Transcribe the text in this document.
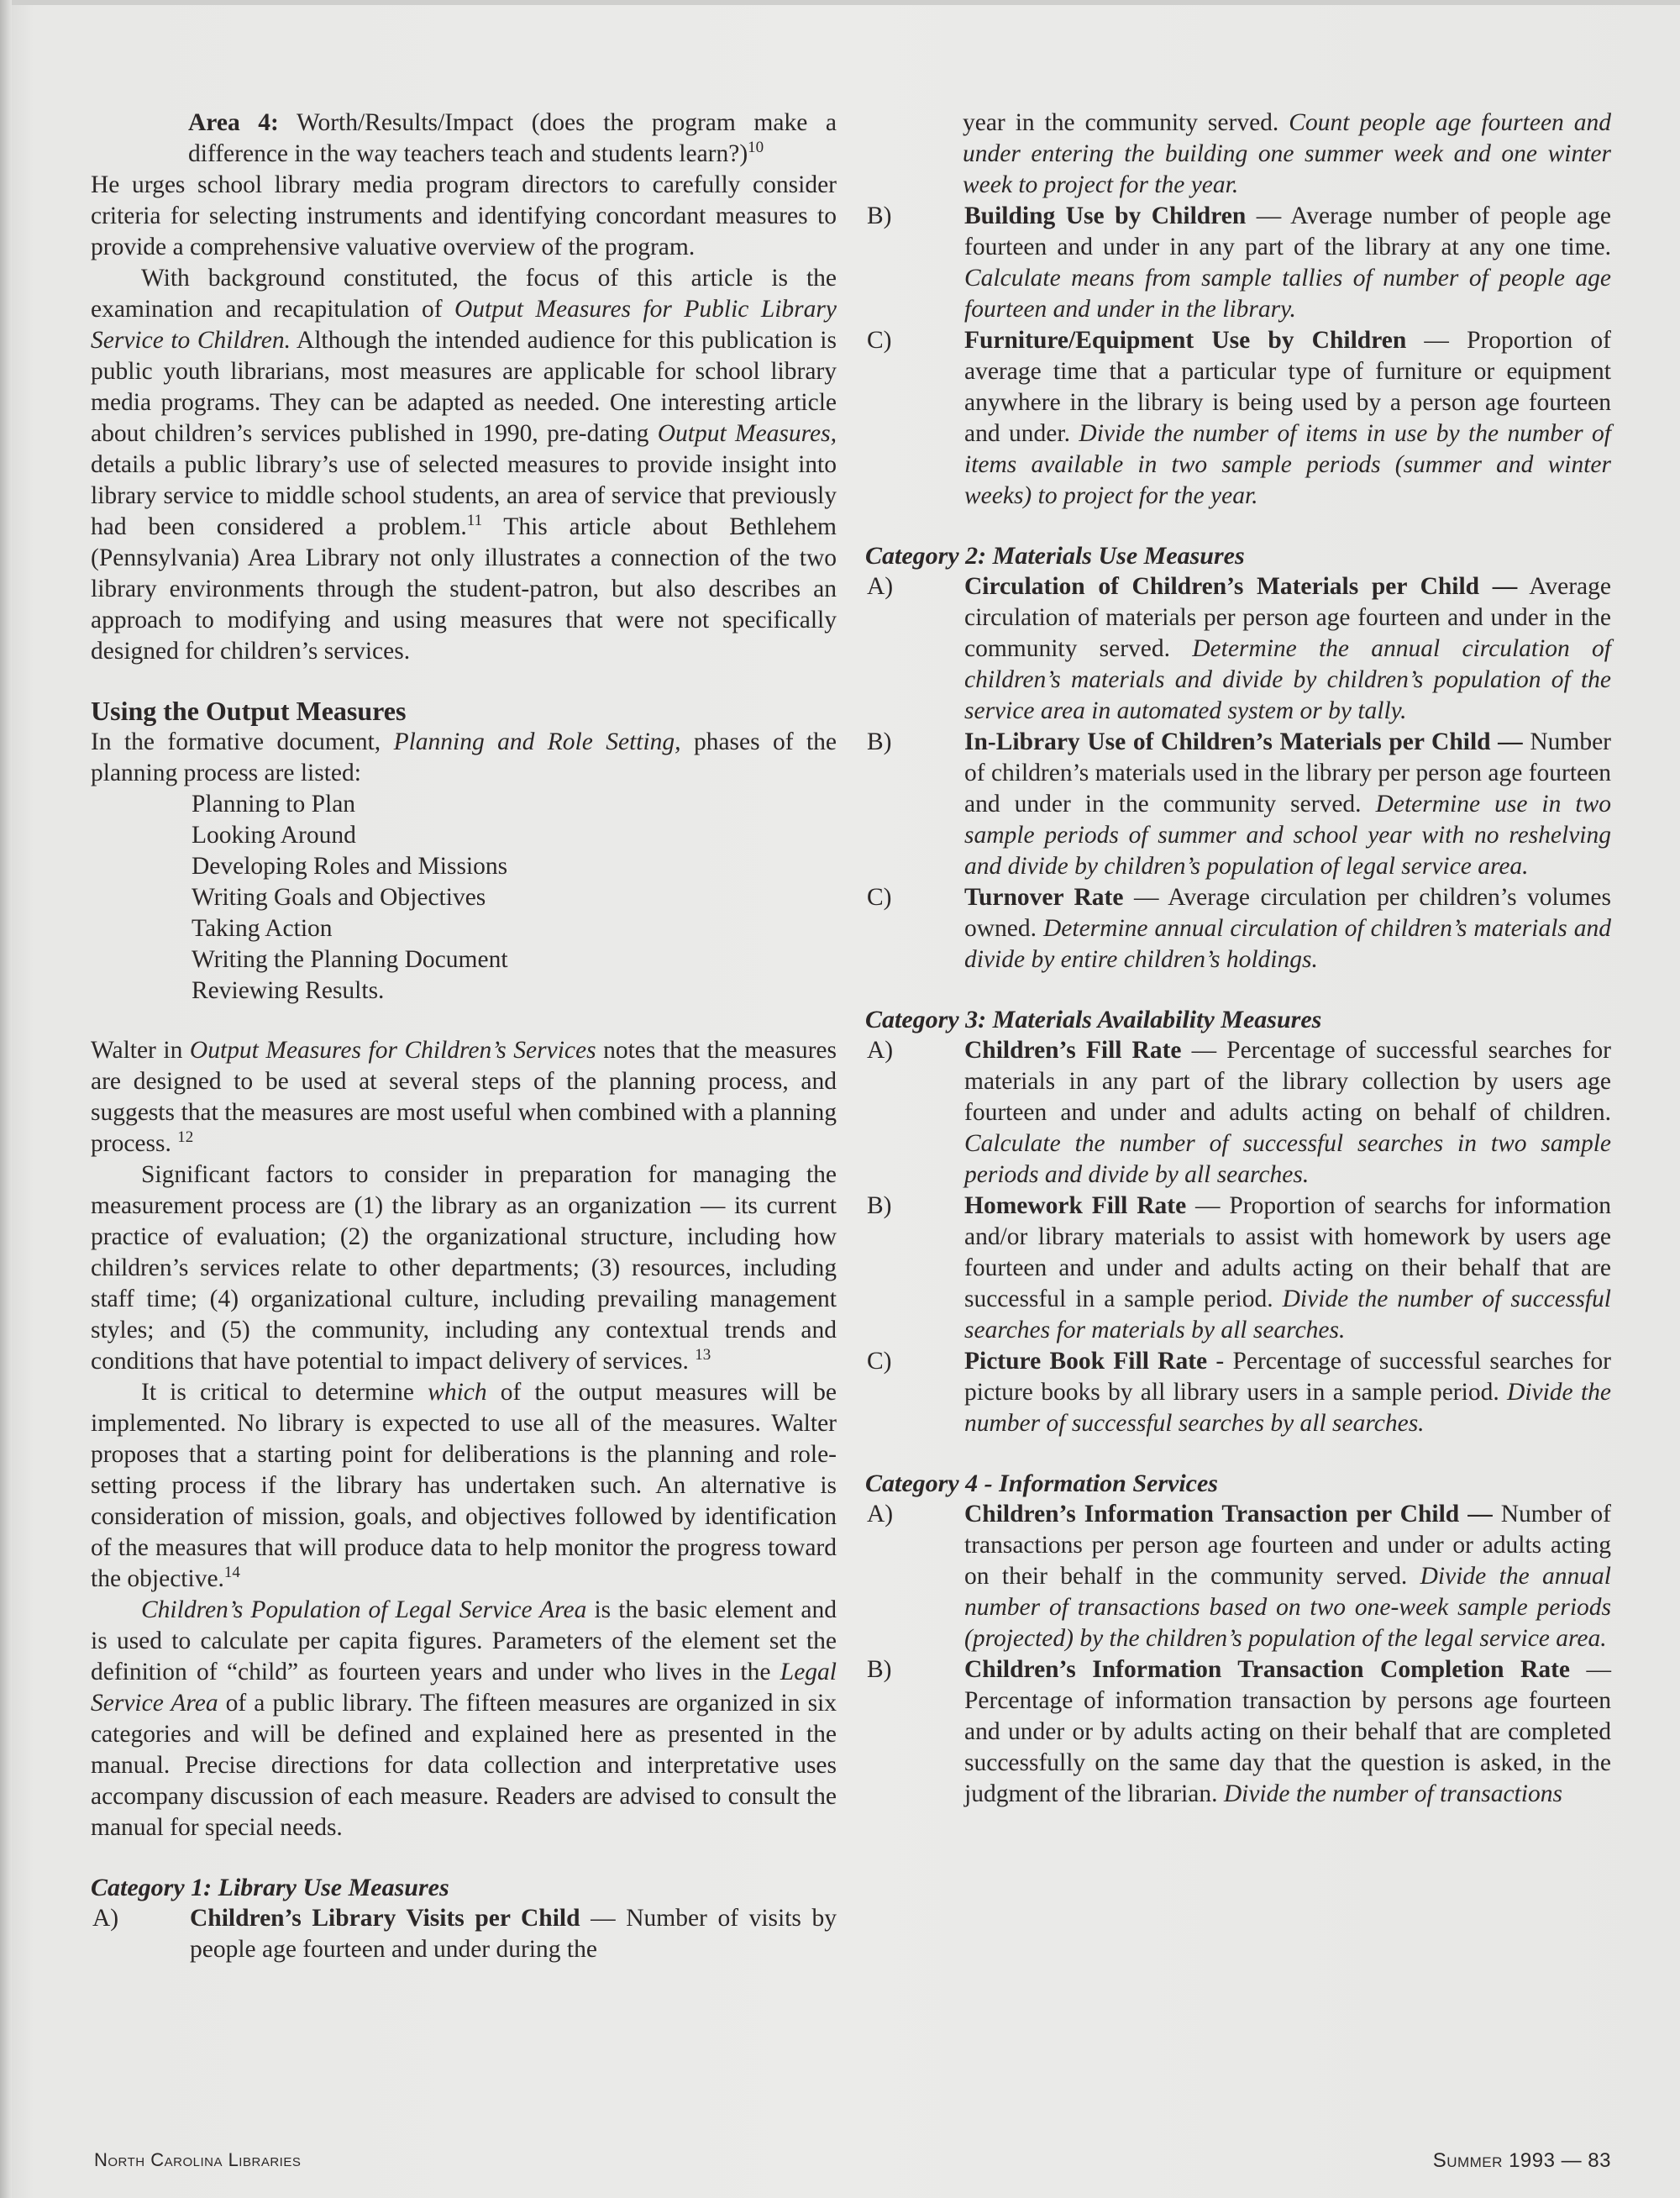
Area 4: Worth/Results/Impact (does the program make a difference in the way teachers teach and students learn?)$^{10}$
He urges school library media program directors to carefully consider criteria for selecting instruments and identifying concordant measures to provide a comprehensive valuative overview of the program.
With background constituted, the focus of this article is the examination and recapitulation of Output Measures for Public Library Service to Children. Although the intended audience for this publication is public youth librarians, most measures are applicable for school library media programs. They can be adapted as needed. One interesting article about children’s services published in 1990, pre-dating Output Measures, details a public library’s use of selected measures to provide insight into library service to middle school students, an area of service that previously had been considered a problem.$^{11}$ This article about Bethlehem (Pennsylvania) Area Library not only illustrates a connection of the two library environments through the student-patron, but also describes an approach to modifying and using measures that were not specifically designed for children’s services.
Using the Output Measures
In the formative document, Planning and Role Setting, phases of the planning process are listed:
Planning to Plan
Looking Around
Developing Roles and Missions
Writing Goals and Objectives
Taking Action
Writing the Planning Document
Reviewing Results.
Walter in Output Measures for Children’s Services notes that the measures are designed to be used at several steps of the planning process, and suggests that the measures are most useful when combined with a planning process. $^{12}$
Significant factors to consider in preparation for managing the measurement process are (1) the library as an organization — its current practice of evaluation; (2) the organizational structure, including how children’s services relate to other departments; (3) resources, including staff time; (4) organizational culture, including prevailing management styles; and (5) the community, including any contextual trends and conditions that have potential to impact delivery of services. $^{13}$
It is critical to determine which of the output measures will be implemented. No library is expected to use all of the measures. Walter proposes that a starting point for deliberations is the planning and role-setting process if the library has undertaken such. An alternative is consideration of mission, goals, and objectives followed by identification of the measures that will produce data to help monitor the progress toward the objective.$^{14}$
Children’s Population of Legal Service Area is the basic element and is used to calculate per capita figures. Parameters of the element set the definition of “child” as fourteen years and under who lives in the Legal Service Area of a public library. The fifteen measures are organized in six categories and will be defined and explained here as presented in the manual. Precise directions for data collection and interpretative uses accompany discussion of each measure. Readers are advised to consult the manual for special needs.
Category 1: Library Use Measures
A)	Children’s Library Visits per Child — Number of visits by people age fourteen and under during the
year in the community served. Count people age fourteen and under entering the building one summer week and one winter week to project for the year.
B)	Building Use by Children — Average number of people age fourteen and under in any part of the library at any one time. Calculate means from sample tallies of number of people age fourteen and under in the library.
C)	Furniture/Equipment Use by Children — Proportion of average time that a particular type of furniture or equipment anywhere in the library is being used by a person age fourteen and under. Divide the number of items in use by the number of items available in two sample periods (summer and winter weeks) to project for the year.
Category 2: Materials Use Measures
A)	Circulation of Children’s Materials per Child — Average circulation of materials per person age fourteen and under in the community served. Determine the annual circulation of children’s materials and divide by children’s population of the service area in automated system or by tally.
B)	In-Library Use of Children’s Materials per Child — Number of children’s materials used in the library per person age fourteen and under in the community served. Determine use in two sample periods of summer and school year with no reshelving and divide by children’s population of legal service area.
C)	Turnover Rate — Average circulation per children’s volumes owned. Determine annual circulation of children’s materials and divide by entire children’s holdings.
Category 3: Materials Availability Measures
A)	Children’s Fill Rate — Percentage of successful searches for materials in any part of the library collection by users age fourteen and under and adults acting on behalf of children. Calculate the number of successful searches in two sample periods and divide by all searches.
B)	Homework Fill Rate — Proportion of searchs for information and/or library materials to assist with homework by users age fourteen and under and adults acting on their behalf that are successful in a sample period. Divide the number of successful searches for materials by all searches.
C)	Picture Book Fill Rate - Percentage of successful searches for picture books by all library users in a sample period. Divide the number of successful searches by all searches.
Category 4 - Information Services
A)	Children’s Information Transaction per Child — Number of transactions per person age fourteen and under or adults acting on their behalf in the community served. Divide the annual number of transactions based on two one-week sample periods (projected) by the children’s population of the legal service area.
B)	Children’s Information Transaction Completion Rate — Percentage of information transaction by persons age fourteen and under or by adults acting on their behalf that are completed successfully on the same day that the question is asked, in the judgment of the librarian. Divide the number of transactions
North Carolina Libraries	Summer 1993 — 83
